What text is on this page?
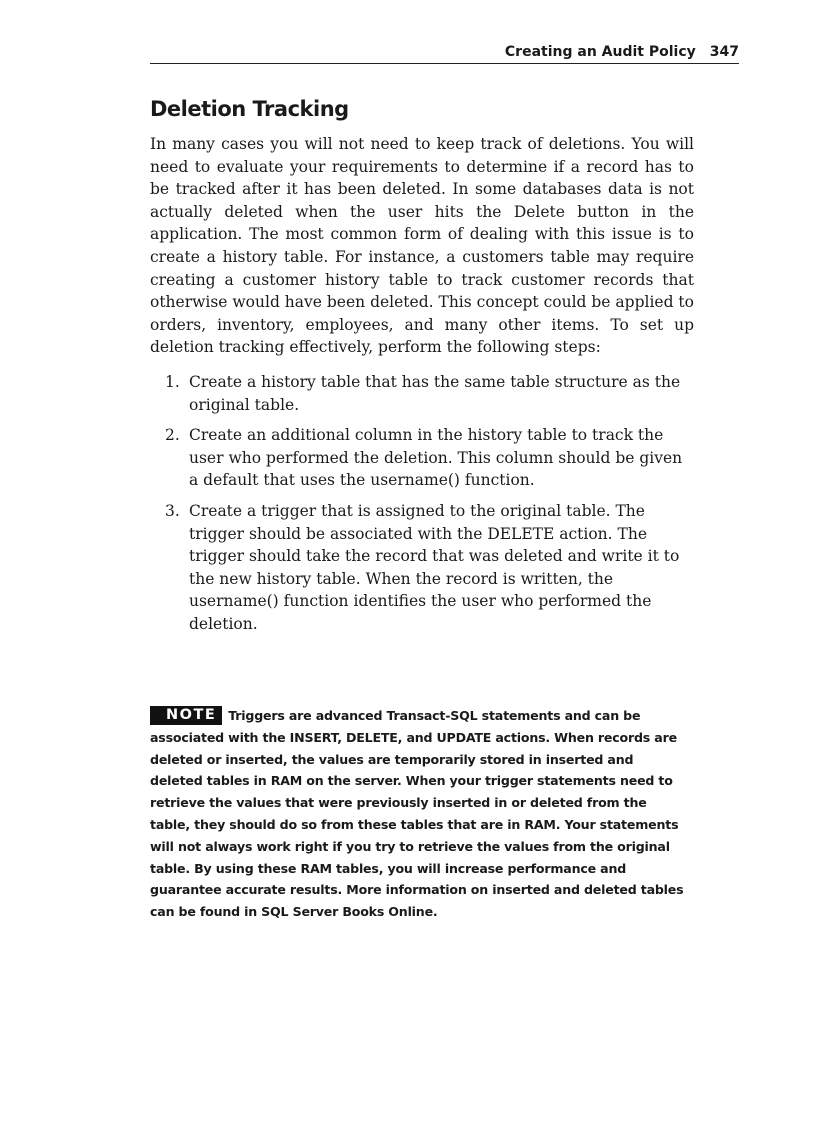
Creating an Audit Policy 347
Deletion Tracking

In many cases you will not need to keep track of deletions. You will need to evaluate your requirements to determine if a record has to be tracked after it has been deleted. In some databases data is not actually deleted when the user hits the Delete button in the application. The most common form of dealing with this issue is to create a history table. For instance, a customers table may require creating a customer history table to track customer records that otherwise would have been deleted. This concept could be applied to orders, inventory, employees, and many other items. To set up deletion tracking effectively, perform the following steps:

1. Create a history table that has the same table structure as the original table.
2. Create an additional column in the history table to track the user who performed the deletion. This column should be given a default that uses the username() function.
3. Create a trigger that is assigned to the original table. The trigger should be associated with the DELETE action. The trigger should take the record that was deleted and write it to the new history table. When the record is written, the username() function identifies the user who performed the deletion.
NOTE Triggers are advanced Transact-SQL statements and can be associated with the INSERT, DELETE, and UPDATE actions. When records are deleted or inserted, the values are temporarily stored in inserted and deleted tables in RAM on the server. When your trigger statements need to retrieve the values that were previously inserted in or deleted from the table, they should do so from these tables that are in RAM. Your statements will not always work right if you try to retrieve the values from the original table. By using these RAM tables, you will increase performance and guarantee accurate results. More information on inserted and deleted tables can be found in SQL Server Books Online.
